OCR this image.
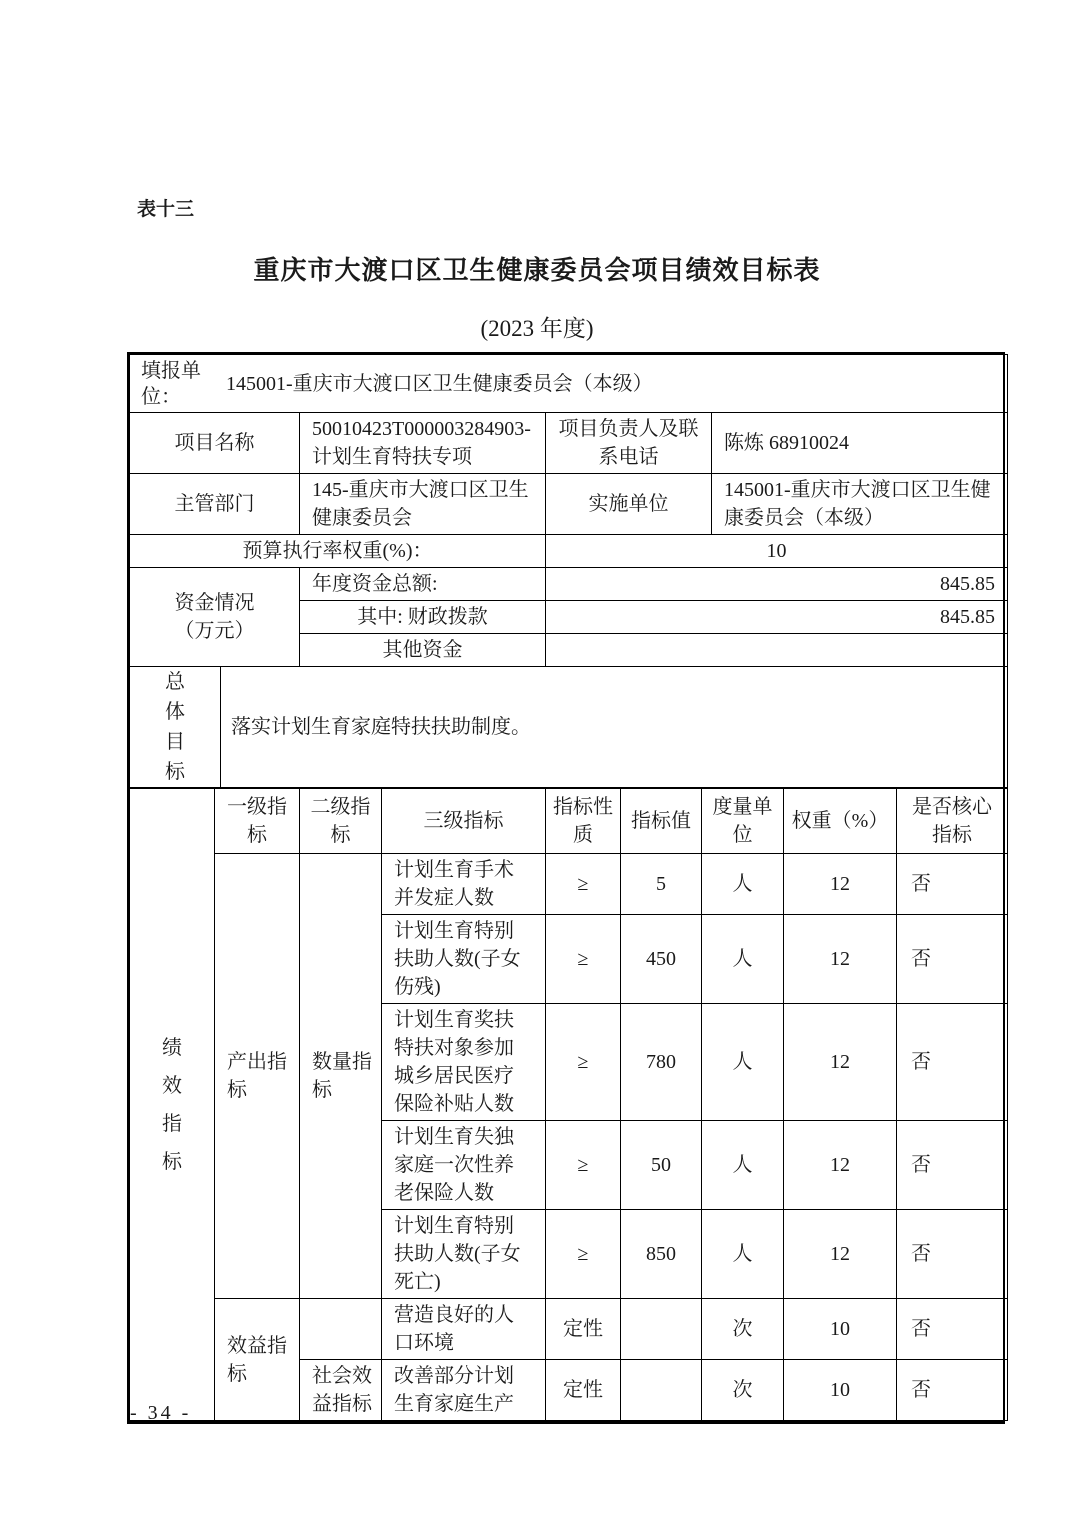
表十三
重庆市大渡口区卫生健康委员会项目绩效目标表
(2023 年度)
填报单位：
145001-重庆市大渡口区卫生健康委员会（本级）				

项目名称		50010423T000003284903-计划生育特扶专项	项目负责人及联系电话	陈炼 68910024
主管部门		145-重庆市大渡口区卫生健康委员会	实施单位	145001-重庆市大渡口区卫生健康委员会（本级）
预算执行率权重(%)：			10	

资金情况（万元）		年度资金总额:	845.85	
		其中: 财政拨款	845.85	
		其他资金		

总体目标	落实计划生育家庭特扶扶助制度。			
绩效指标	一级指标	二级指标	三级指标	指标性质	指标值	度量单位	权重（%）	是否核心指标
	产出指标	数量指标	计划生育手术并发症人数	≥	5	人	12	否
			计划生育特别扶助人数(子女伤残)	≥	450	人	12	否
			计划生育奖扶特扶对象参加城乡居民医疗保险补贴人数	≥	780	人	12	否
			计划生育失独家庭一次性养老保险人数	≥	50	人	12	否
			计划生育特别扶助人数(子女死亡)	≥	850	人	12	否
	效益指标		营造良好的人口环境	定性		次	10	否
		社会效益指标	改善部分计划生育家庭生产	定性		次	10	否
- 34 -
